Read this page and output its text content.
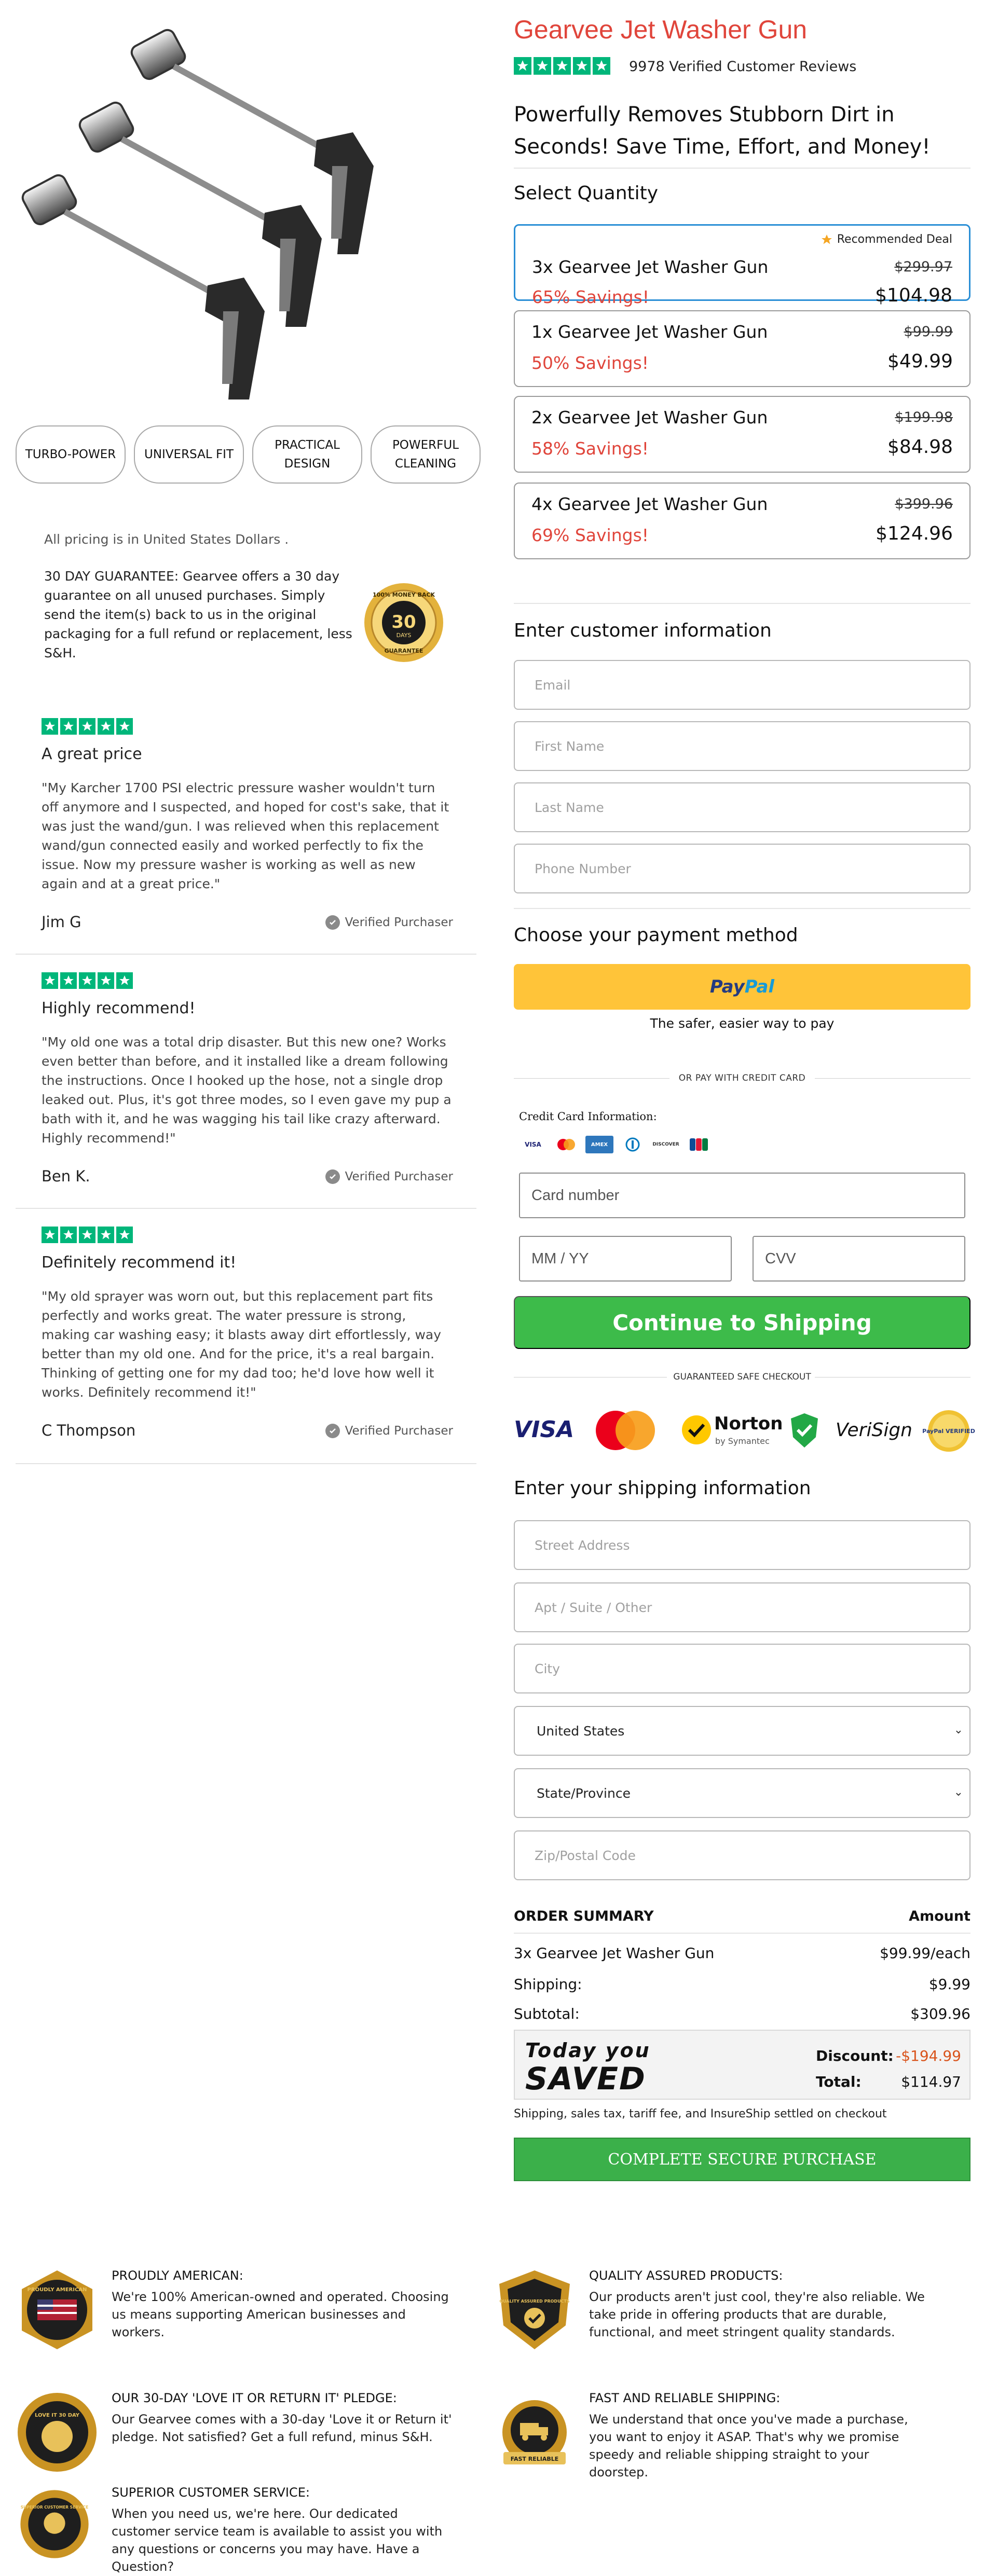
TURBO-POWER	UNIVERSAL FIT
PRACTICAL DESIGN
POWERFUL CLEANING
All pricing is in United States Dollars .
30 DAY GUARANTEE: Gearvee offers a 30 day guarantee on all unused purchases. Simply send the item(s) back to us in the original packaging for a full refund or replacement, less S&H.
100% MONEY BACK
30
DAYS
GUARANTEE
A great price
"My Karcher 1700 PSI electric pressure washer wouldn't turn off anymore and I suspected, and hoped for cost's sake, that it was just the wand/gun. I was relieved when this replacement wand/gun connected easily and worked perfectly to fix the issue. Now my pressure washer is working as well as new again and at a great price."
Jim G	Verified Purchaser
Highly recommend!
"My old one was a total drip disaster. But this new one? Works even better than before, and it installed like a dream following the instructions. Once I hooked up the hose, not a single drop leaked out. Plus, it's got three modes, so I even gave my pup a bath with it, and he was wagging his tail like crazy afterward. Highly recommend!"
Ben K.	Verified Purchaser
Definitely recommend it!
"My old sprayer was worn out, but this replacement part fits perfectly and works great. The water pressure is strong, making car washing easy; it blasts away dirt effortlessly, way better than my old one. And for the price, it's a real bargain. Thinking of getting one for my dad too; he'd love how well it works. Definitely recommend it!"
C Thompson	Verified Purchaser
Gearvee Jet Washer Gun
9978 Verified Customer Reviews
Powerfully Removes Stubborn Dirt in Seconds! Save Time, Effort, and Money!
Select Quantity
Recommended Deal
3x Gearvee Jet Washer Gun	$299.97
65% Savings!	$104.98
1x Gearvee Jet Washer Gun	$99.99
50% Savings!	$49.99
2x Gearvee Jet Washer Gun	$199.98
58% Savings!	$84.98
4x Gearvee Jet Washer Gun	$399.96
69% Savings!	$124.96
Enter customer information
Email
First Name
Last Name
Phone Number
Choose your payment method
Pay Pal
The safer, easier way to pay
OR PAY WITH CREDIT CARD
Credit Card Information:
VISA	AMEX	DISCOVER
Card number
MM / YY
CVV
Continue to Shipping
GUARANTEED SAFE CHECKOUT
VISA	Norton
by Symantec
VeriSign PayPal VERIFIED
Enter your shipping information
Street Address
Apt / Suite / Other
City
United States
⌄
State/Province
⌄
Zip/Postal Code
ORDER SUMMARY	Amount
3x Gearvee Jet Washer Gun	$99.99/each
Shipping:	$9.99
Subtotal:	$309.96
Today you
SAVED
Discount: -$194.99
Total:	$114.97
Shipping, sales tax, tariff fee, and InsureShip settled on checkout
COMPLETE SECURE PURCHASE
PROUDLY AMERICAN
PROUDLY AMERICAN:
We're 100% American-owned and operated. Choosing us means supporting American businesses and workers.
QUALITY ASSURED PRODUCTS
QUALITY ASSURED PRODUCTS:
Our products aren't just cool, they're also reliable. We take pride in offering products that are durable, functional, and meet stringent quality standards.
LOVE IT 30 DAY
OUR 30-DAY 'LOVE IT OR RETURN IT' PLEDGE:
Our Gearvee comes with a 30-day 'Love it or Return it' pledge. Not satisfied? Get a full refund, minus S&H.
FAST RELIABLE
FAST AND RELIABLE SHIPPING:
We understand that once you've made a purchase, you want to enjoy it ASAP. That's why we promise speedy and reliable shipping straight to your doorstep.
SUPERIOR CUSTOMER SERVICE
SUPERIOR CUSTOMER SERVICE:
When you need us, we're here. Our dedicated customer service team is available to assist you with any questions or concerns you may have. Have a Question?
